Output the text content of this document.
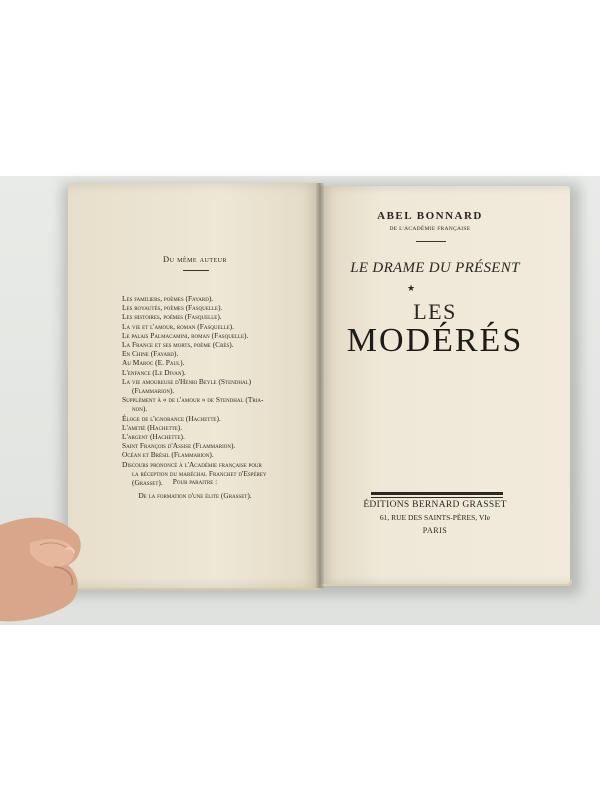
Du même auteur
Les familiers, poèmes (Fayard).
Les royautés, poèmes (Fasquelle).
Les histoires, poèmes (Fasquelle).
La vie et l'amour, roman (Fasquelle).
Le palais Palmacamini, roman (Fasquelle).
La France et ses morts, poème (Crès).
En Chine (Fayard).
Au Maroc (E. Paul).
L'enfance (Le Divan).
La vie amoureuse d'Henri Beyle (Stendhal)
(Flammarion).
Supplément à « de l'amour » de Stendhal (Tria-
non).
Éloge de l'ignorance (Hachette).
L'amitié (Hachette).
L'argent (Hachette).
Saint François d'Assise (Flammarion).
Océan et Brésil (Flammarion).
Discours prononcé à l'Académie française pour
la réception du maréchal Franchet d'Espérey
(Grasset).	Pour paraitre :
De la formation d'une élite (Grasset).
ABEL BONNARD
DE L'ACADÉMIE FRANÇAISE
LE DRAME DU PRÉSENT
★
LES
MODÉRÉS
ÉDITIONS BERNARD GRASSET
61, RUE DES SAINTS-PÈRES, VIe
PARIS
